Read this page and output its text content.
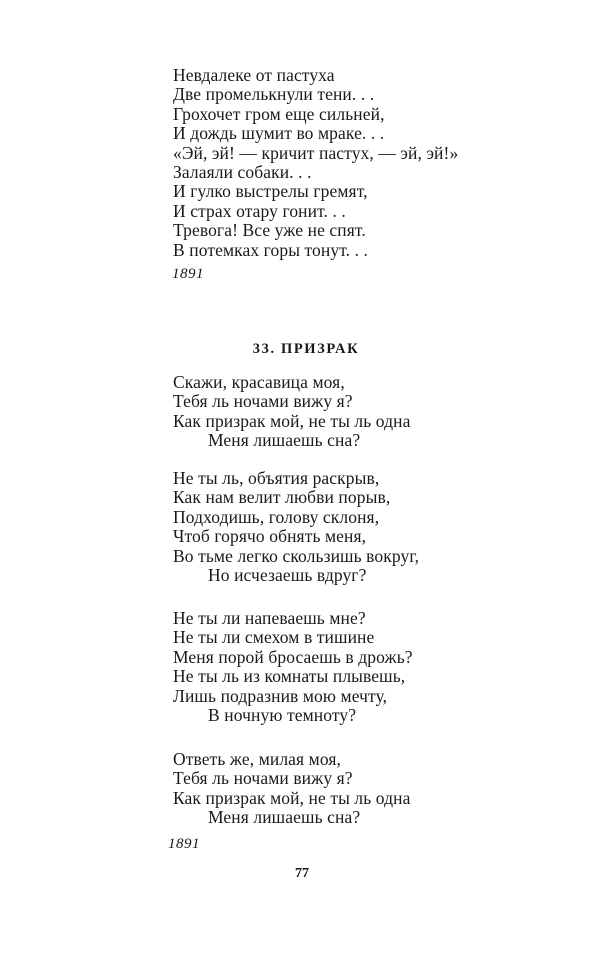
Невдалеке от пастуха
Две промелькнули тени. . .
Грохочет гром еще сильней,
И дождь шумит во мраке. . .
«Эй, эй! — кричит пастух, — эй, эй!»
Залаяли собаки. . .
И гулко выстрелы гремят,
И страх отару гонит. . .
Тревога! Все уже не спят.
В потемках горы тонут. . .
1891
33. ПРИЗРАК
Скажи, красавица моя,
Тебя ль ночами вижу я?
Как призрак мой, не ты ль одна
Меня лишаешь сна?
Не ты ль, объятия раскрыв,
Как нам велит любви порыв,
Подходишь, голову склоня,
Чтоб горячо обнять меня,
Во тьме легко скользишь вокруг,
Но исчезаешь вдруг?
Не ты ли напеваешь мне?
Не ты ли смехом в тишине
Меня порой бросаешь в дрожь?
Не ты ль из комнаты плывешь,
Лишь подразнив мою мечту,
В ночную темноту?
Ответь же, милая моя,
Тебя ль ночами вижу я?
Как призрак мой, не ты ль одна
Меня лишаешь сна?
1891
77
